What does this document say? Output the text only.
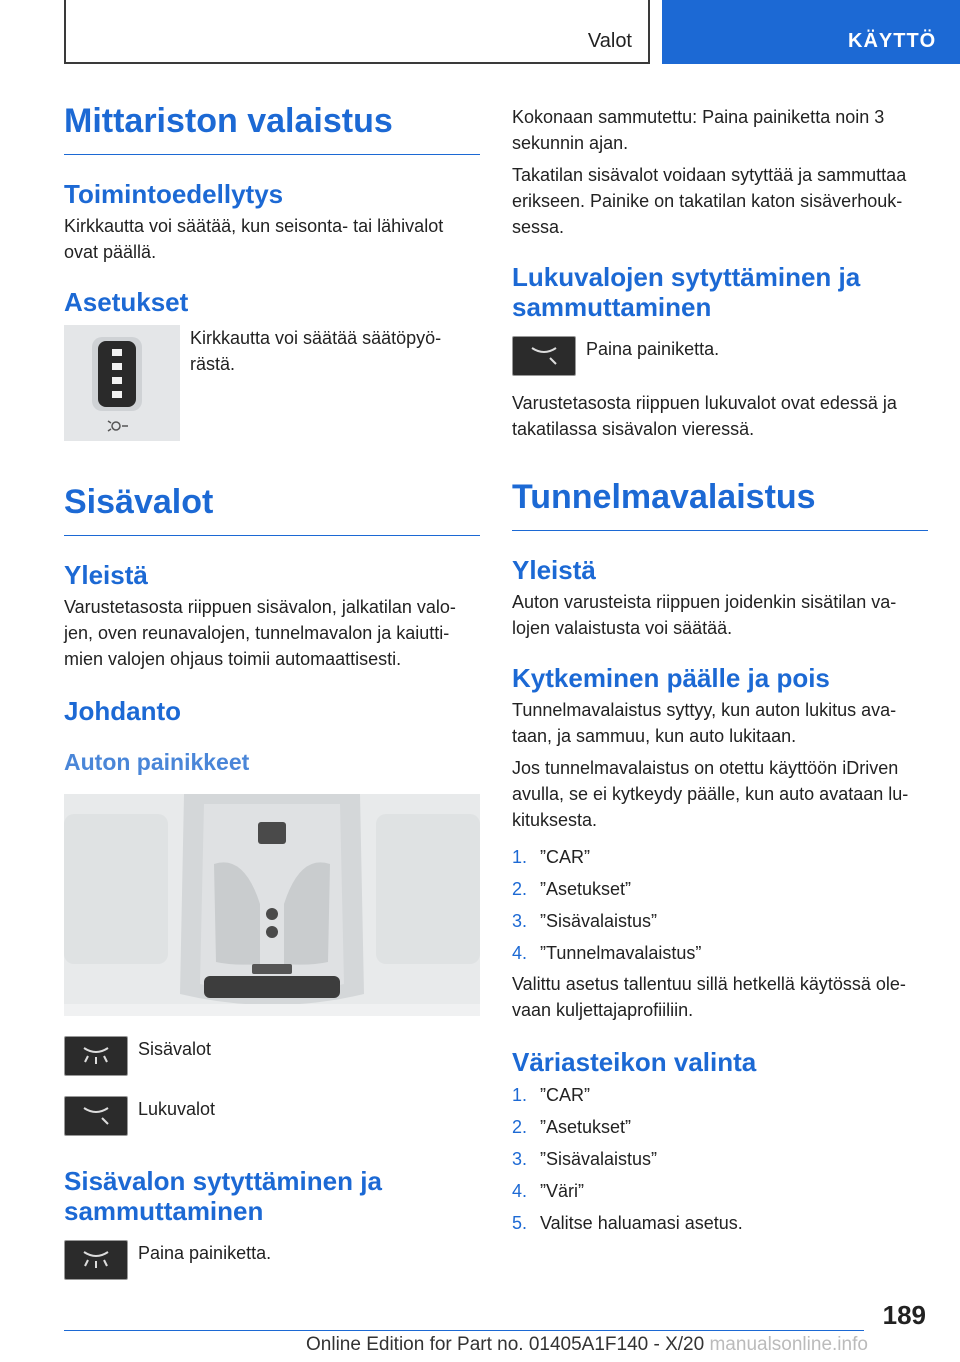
Valot	KÄYTTÖ
Mittariston valaistus
Toimintoedellytys
Kirkkautta voi säätää, kun seisonta- tai lähivalot ovat päällä.
Asetukset
Kirkkautta voi säätää säätöpyö-rästä.
Sisävalot
Yleistä
Varustetasosta riippuen sisävalon, jalkatilan valo-jen, oven reunavalojen, tunnelmavalon ja kaiutti-mien valojen ohjaus toimii automaattisesti.
Johdanto
Auton painikkeet
Sisävalot
Lukuvalot
Sisävalon sytyttäminen ja sammuttaminen
Paina painiketta.
Kokonaan sammutettu: Paina painiketta noin 3 sekunnin ajan.
Takatilan sisävalot voidaan sytyttää ja sammuttaa erikseen. Painike on takatilan katon sisäverhouk-sessa.
Lukuvalojen sytyttäminen ja sammuttaminen
Paina painiketta.
Varustetasosta riippuen lukuvalot ovat edessä ja takatilassa sisävalon vieressä.
Tunnelmavalaistus
Yleistä
Auton varusteista riippuen joidenkin sisätilan va-lojen valaistusta voi säätää.
Kytkeminen päälle ja pois
Tunnelmavalaistus syttyy, kun auton lukitus ava-taan, ja sammuu, kun auto lukitaan.
Jos tunnelmavalaistus on otettu käyttöön iDriven avulla, se ei kytkeydy päälle, kun auto avataan lu-kituksesta.
1. ”CAR”
2. ”Asetukset”
3. ”Sisävalaistus”
4. ”Tunnelmavalaistus”
Valittu asetus tallentuu sillä hetkellä käytössä ole-vaan kuljettajaprofiiliin.
Väriasteikon valinta
1. ”CAR”
2. ”Asetukset”
3. ”Sisävalaistus”
4. ”Väri”
5. Valitse haluamasi asetus.
189
Online Edition for Part no. 01405A1F140 - X/20 manualsonline.info
